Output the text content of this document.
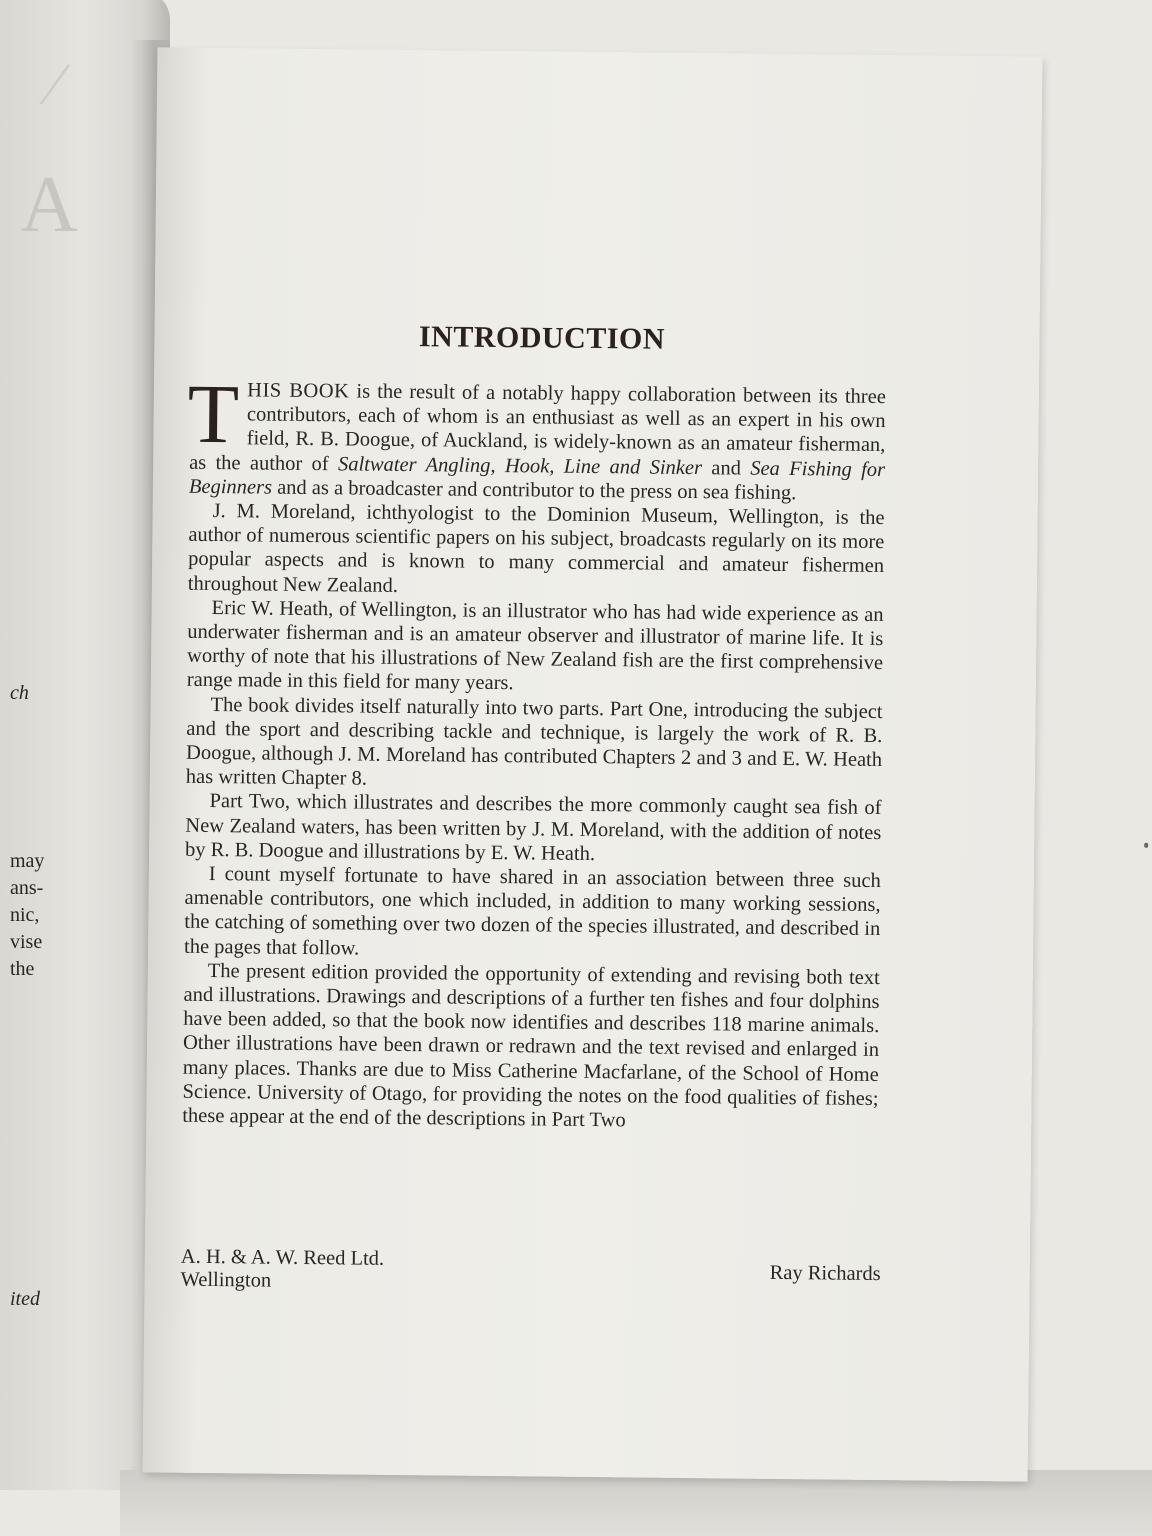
⁄
A
ch
may
ans-
nic,
vise
the
ited
INTRODUCTION

THIS BOOK is the result of a notably happy collaboration between its three contributors, each of whom is an enthusiast as well as an expert in his own field, R. B. Doogue, of Auckland, is widely-known as an amateur fisherman, as the author of Saltwater Angling, Hook, Line and Sinker and Sea Fishing for Beginners and as a broadcaster and contributor to the press on sea fishing.

J. M. Moreland, ichthyologist to the Dominion Museum, Wellington, is the author of numerous scientific papers on his subject, broadcasts regularly on its more popular aspects and is known to many commercial and amateur fishermen throughout New Zealand.

Eric W. Heath, of Wellington, is an illustrator who has had wide experience as an underwater fisherman and is an amateur observer and illustrator of marine life. It is worthy of note that his illustrations of New Zealand fish are the first comprehensive range made in this field for many years.

The book divides itself naturally into two parts. Part One, introducing the subject and the sport and describing tackle and technique, is largely the work of R. B. Doogue, although J. M. Moreland has contributed Chapters 2 and 3 and E. W. Heath has written Chapter 8.

Part Two, which illustrates and describes the more commonly caught sea fish of New Zealand waters, has been written by J. M. Moreland, with the addition of notes by R. B. Doogue and illustrations by E. W. Heath.

I count myself fortunate to have shared in an association between three such amenable contributors, one which included, in addition to many working sessions, the catching of something over two dozen of the species illustrated, and described in the pages that follow.

The present edition provided the opportunity of extending and revising both text and illustrations. Drawings and descriptions of a further ten fishes and four dolphins have been added, so that the book now identifies and describes 118 marine animals. Other illustrations have been drawn or redrawn and the text revised and enlarged in many places. Thanks are due to Miss Catherine Macfarlane, of the School of Home Science. University of Otago, for providing the notes on the food qualities of fishes; these appear at the end of the descriptions in Part Two

A. H. & A. W. Reed Ltd.
Wellington	Ray Richards
